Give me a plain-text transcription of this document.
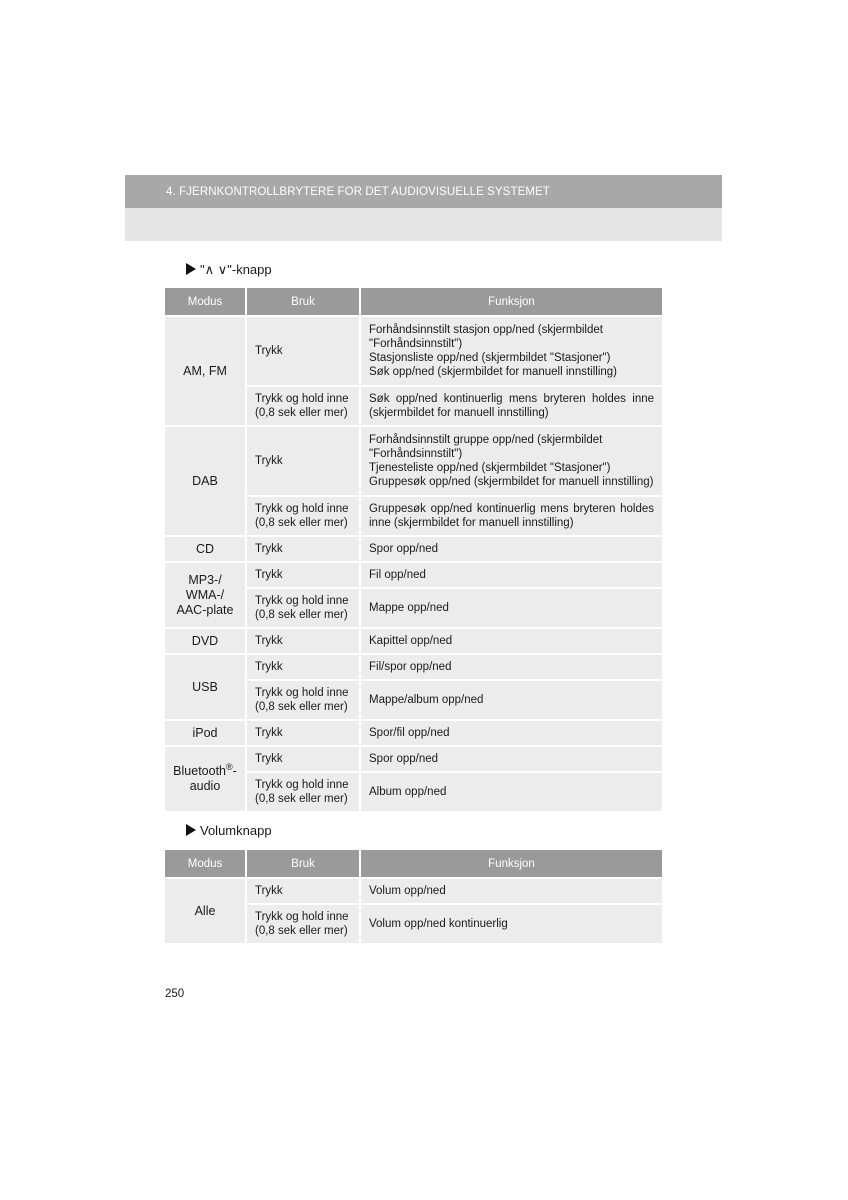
4. FJERNKONTROLLBRYTERE FOR DET AUDIOVISUELLE SYSTEMET
"∧ ∨"-knapp
Modus	Bruk	Funksjon
AM, FM	Trykk	Forhåndsinnstilt stasjon opp/ned (skjermbildet
"Forhåndsinnstilt")
Stasjonsliste opp/ned (skjermbildet "Stasjoner")
Søk opp/ned (skjermbildet for manuell innstilling)

	Trykk og hold inne
(0,8 sek eller mer)	Søk opp/ned kontinuerlig mens bryteren holdes inne (skjermbildet for manuell innstilling)
DAB	Trykk	Forhåndsinnstilt gruppe opp/ned (skjermbildet
"Forhåndsinnstilt")
Tjenesteliste opp/ned (skjermbildet "Stasjoner")
Gruppesøk opp/ned (skjermbildet for manuell innstilling)

	Trykk og hold inne
(0,8 sek eller mer)	Gruppesøk opp/ned kontinuerlig mens bryteren holdes inne (skjermbildet for manuell innstilling)
CD	Trykk	Spor opp/ned

MP3-/
WMA-/
AAC-plate	Trykk	Fil opp/ned

	Trykk og hold inne
(0,8 sek eller mer)	Mappe opp/ned
DVD	Trykk	Kapittel opp/ned
USB	Trykk	Fil/spor opp/ned

	Trykk og hold inne
(0,8 sek eller mer)	Mappe/album opp/ned
iPod	Trykk	Spor/fil opp/ned
Bluetooth®-
audio	Trykk	Spor opp/ned

	Trykk og hold inne
(0,8 sek eller mer)	Album opp/ned
Volumknapp
Modus	Bruk	Funksjon
Alle	Trykk	Volum opp/ned

	Trykk og hold inne
(0,8 sek eller mer)	Volum opp/ned kontinuerlig
250
